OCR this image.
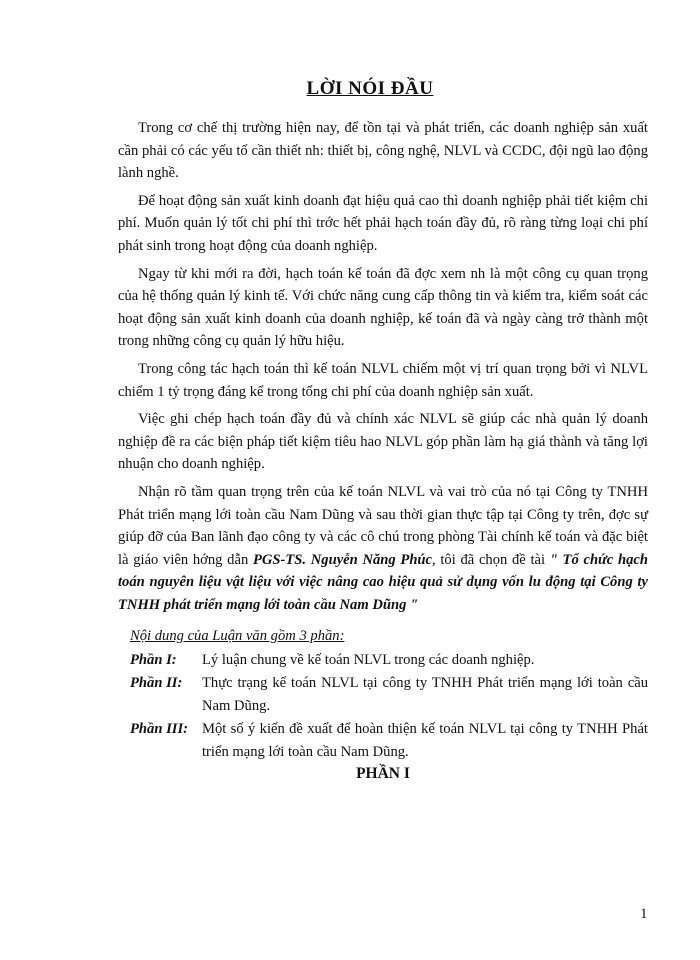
LỜI NÓI ĐẦU

Trong cơ chế thị trường hiện nay, để tồn tại và phát triển, các doanh nghiệp sản xuất cần phải có các yếu tố cần thiết nh: thiết bị, công nghệ, NLVL và CCDC, đội ngũ lao động lành nghề.

Để hoạt động sản xuất kinh doanh đạt hiệu quả cao thì doanh nghiệp phải tiết kiệm chi phí. Muốn quản lý tốt chi phí thì trớc hết phải hạch toán đầy đủ, rõ ràng từng loại chi phí phát sinh trong hoạt động của doanh nghiệp.

Ngay từ khi mới ra đời, hạch toán kế toán đã đợc xem nh là một công cụ quan trọng của hệ thống quản lý kinh tế. Với chức năng cung cấp thông tin và kiểm tra, kiểm soát các hoạt động sản xuất kinh doanh của doanh nghiệp, kế toán đã và ngày càng trở thành một trong những công cụ quản lý hữu hiệu.

Trong công tác hạch toán thì kế toán NLVL chiếm một vị trí quan trọng bởi vì NLVL chiếm 1 tỷ trọng đáng kể trong tổng chi phí của doanh nghiệp sản xuất.

Việc ghi chép hạch toán đầy đủ và chính xác NLVL sẽ giúp các nhà quản lý doanh nghiệp đề ra các biện pháp tiết kiệm tiêu hao NLVL góp phần làm hạ giá thành và tăng lợi nhuận cho doanh nghiệp.

Nhận rõ tầm quan trọng trên của kế toán NLVL và vai trò của nó tại Công ty TNHH Phát triển mạng lới toàn cầu Nam Dũng và sau thời gian thực tập tại Công ty trên, đợc sự giúp đỡ của Ban lãnh đạo công ty và các cô chú trong phòng Tài chính kế toán và đặc biệt là giáo viên hớng dẫn PGS-TS. Nguyễn Năng Phúc, tôi đã chọn đề tài " Tổ chức hạch toán nguyên liệu vật liệu với việc nâng cao hiệu quả sử dụng vốn lu động tại Công ty TNHH phát triển mạng lới toàn cầu Nam Dũng "

Nội dung của Luận văn gồm 3 phần:
Phần I:	Lý luận chung về kế toán NLVL trong các doanh nghiệp.
Phần II:	Thực trạng kế toán NLVL tại công ty TNHH Phát triển mạng lới toàn cầu Nam Dũng.
Phần III: Một số ý kiến đề xuất để hoàn thiện kế toán NLVL tại công ty TNHH Phát triển mạng lới toàn cầu Nam Dũng.
PHẦN I
1
